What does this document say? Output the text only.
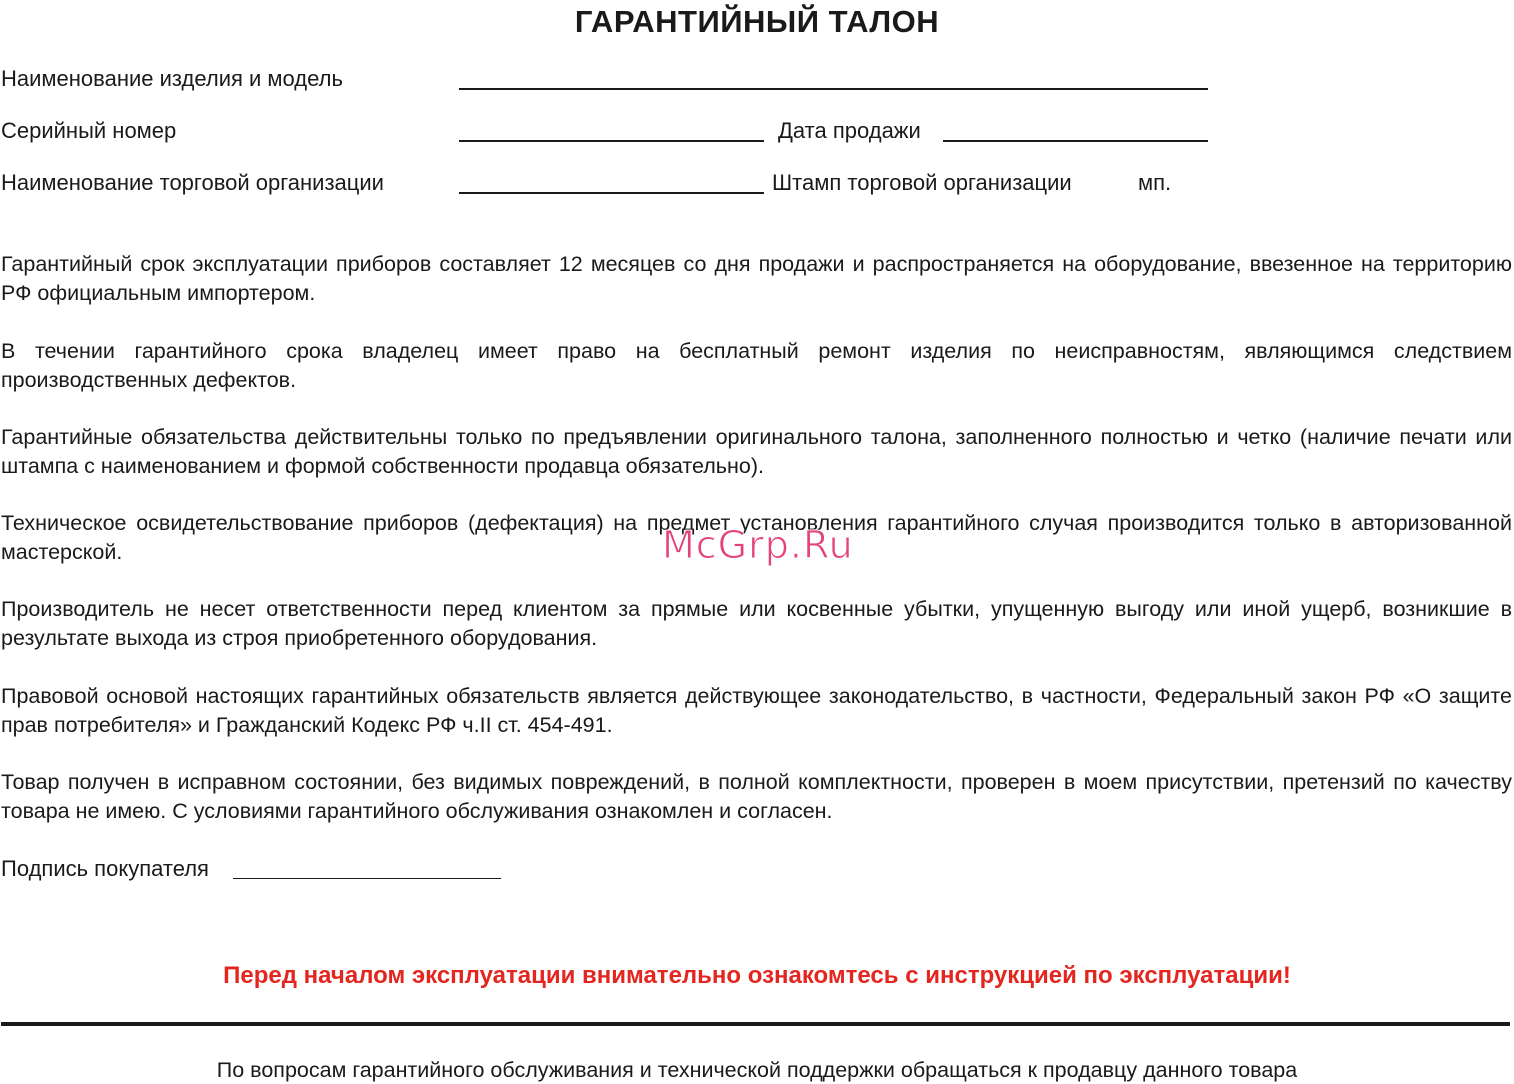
ГАРАНТИЙНЫЙ ТАЛОН
Наименование изделия и модель
Серийный номер	Дата продажи
Наименование торговой организации	Штамп торговой организации	мп.
Гарантийный срок эксплуатации приборов составляет 12 месяцев со дня продажи и распространяется на оборудование, ввезенное на территорию РФ официальным импортером.
В течении гарантийного срока владелец имеет право на бесплатный ремонт изделия по неисправностям, являющимся следствием производственных дефектов.
Гарантийные обязательства действительны только по предъявлении оригинального талона, заполненного полностью и четко (наличие печати или штампа с наименованием и формой собственности продавца обязательно).
Техническое освидетельствование приборов (дефектация) на предмет установления гарантийного случая производится только в авторизованной мастерской.
Производитель не несет ответственности перед клиентом за прямые или косвенные убытки, упущенную выгоду или иной ущерб, возникшие в результате выхода из строя приобретенного оборудования.
Правовой основой настоящих гарантийных обязательств является действующее законодательство, в частности, Федеральный закон РФ «О защите прав потребителя» и Гражданский Кодекс РФ ч.II ст. 454-491.
Товар получен в исправном состоянии, без видимых повреждений, в полной комплектности, проверен в моем присутствии, претензий по качеству товара не имею. С условиями гарантийного обслуживания ознакомлен и согласен.
Подпись покупателя
Перед началом эксплуатации внимательно ознакомтесь с инструкцией по эксплуатации!
По вопросам гарантийного обслуживания и технической поддержки обращаться к продавцу данного товара
McGrp.Ru
